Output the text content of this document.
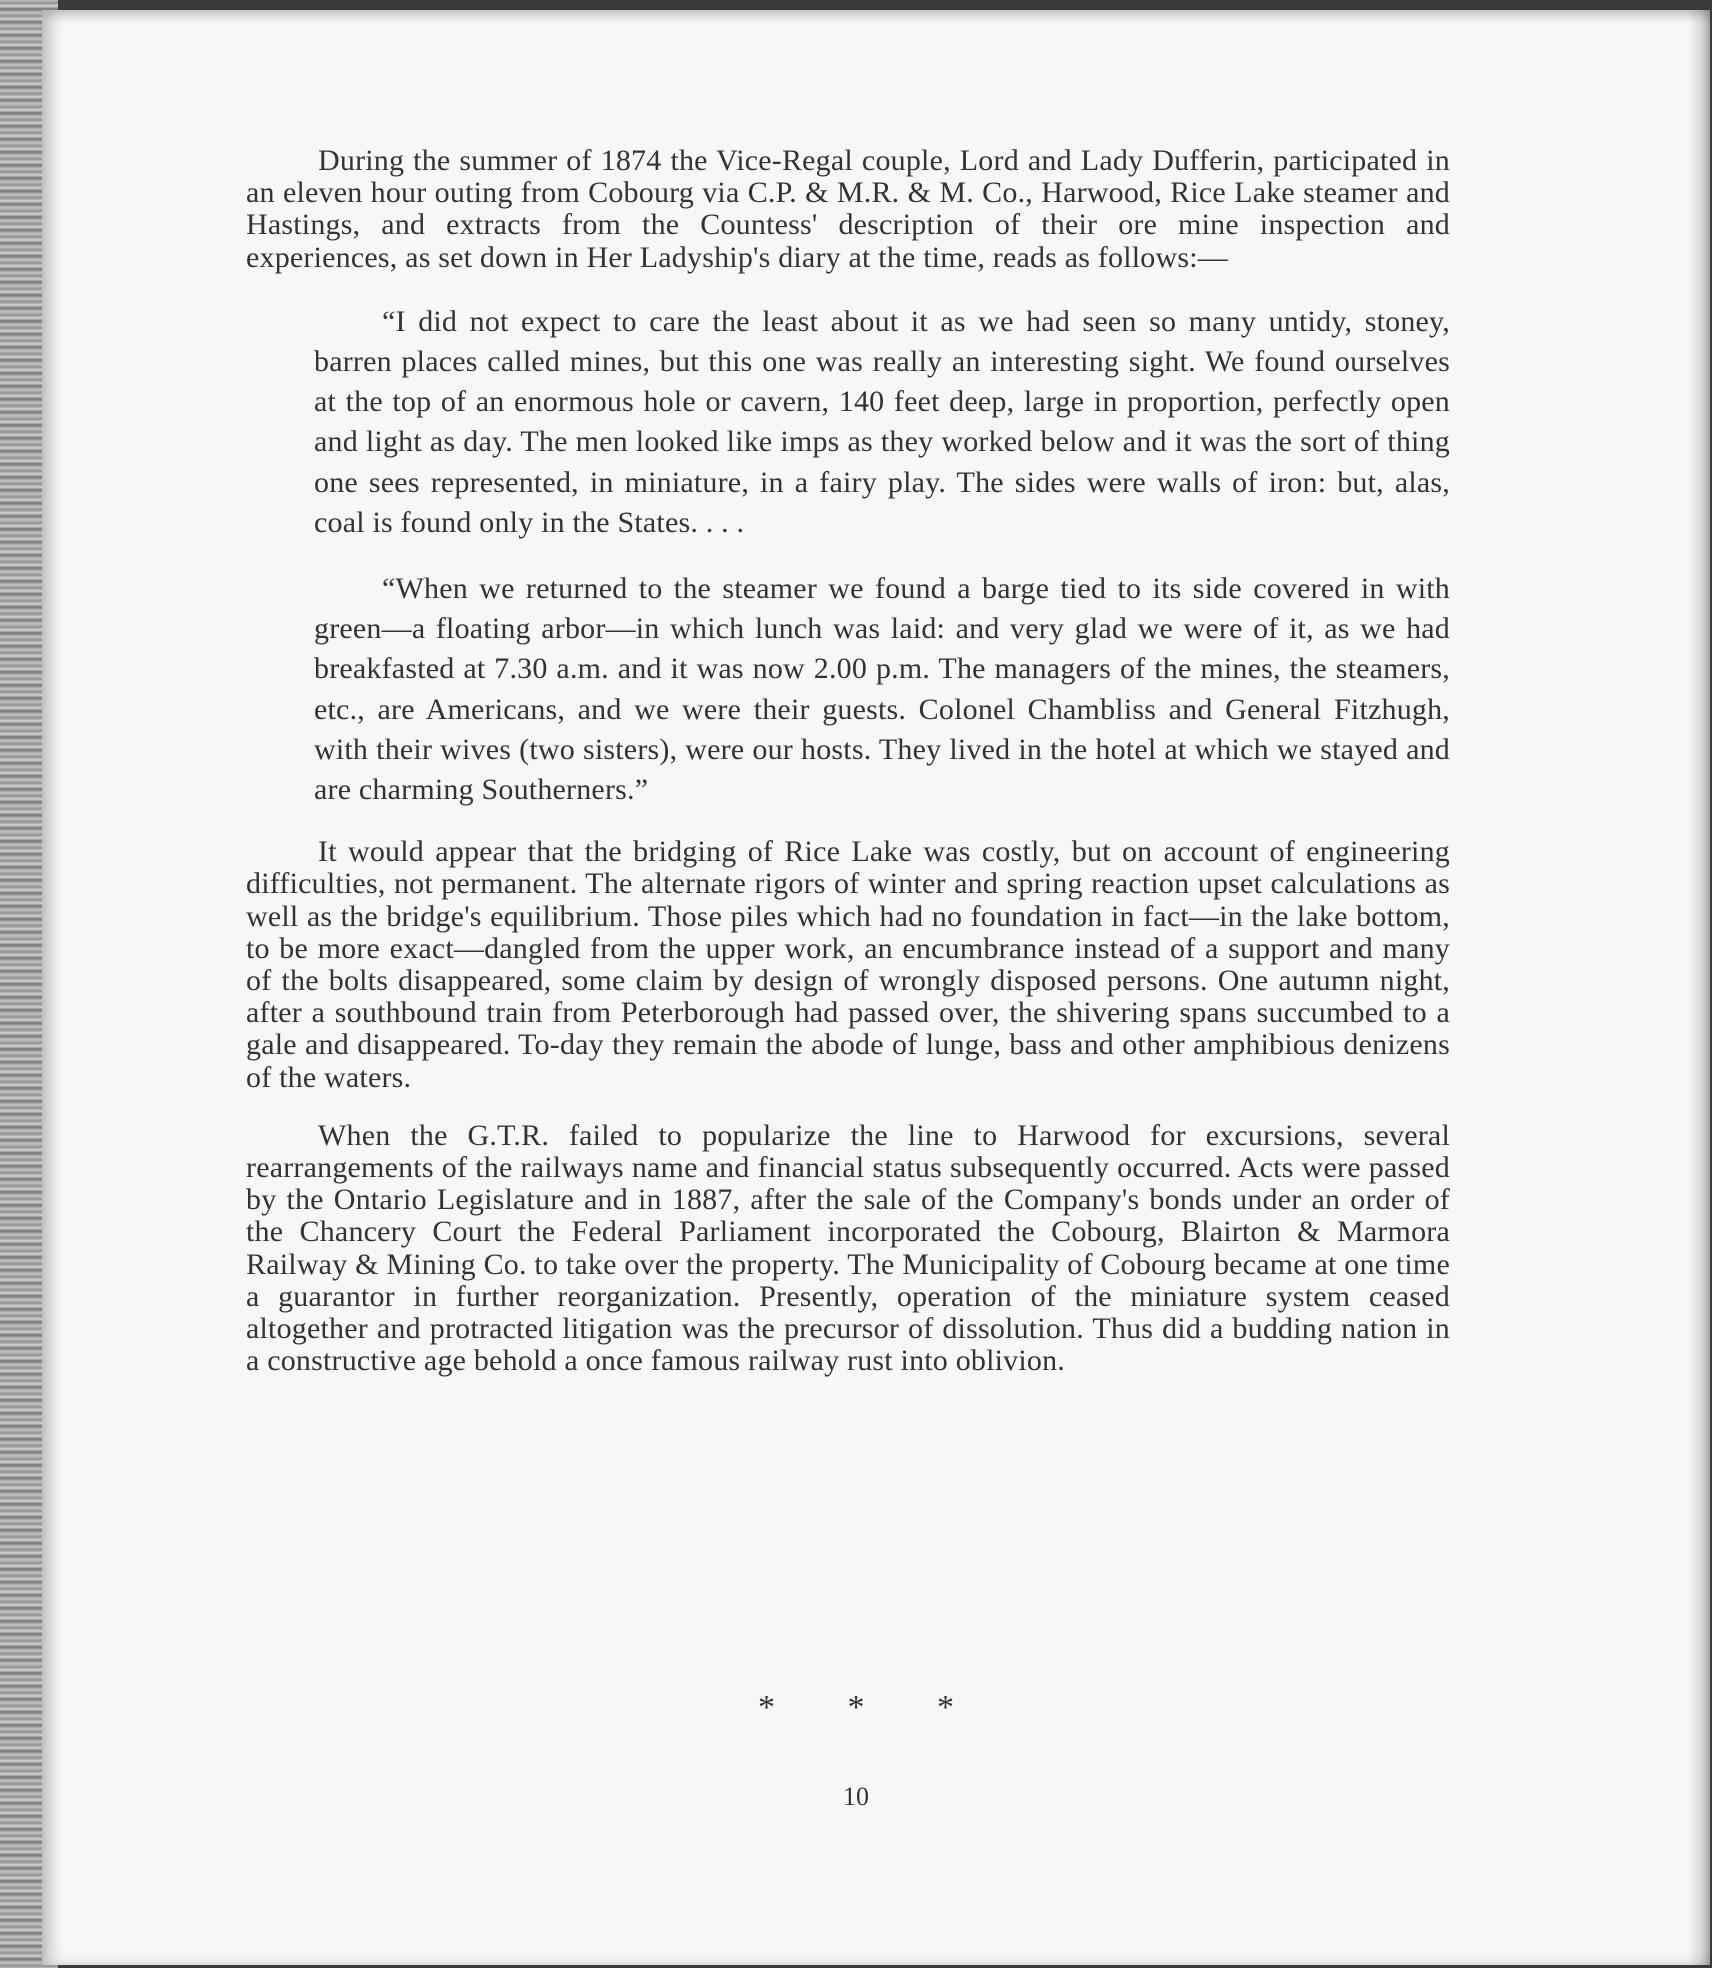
During the summer of 1874 the Vice-Regal couple, Lord and Lady Dufferin, participated in an eleven hour outing from Cobourg via C.P. & M.R. & M. Co., Harwood, Rice Lake steamer and Hastings, and extracts from the Countess' description of their ore mine inspection and experiences, as set down in Her Ladyship's diary at the time, reads as follows:—

“I did not expect to care the least about it as we had seen so many untidy, stoney, barren places called mines, but this one was really an interesting sight. We found ourselves at the top of an enormous hole or cavern, 140 feet deep, large in proportion, perfectly open and light as day. The men looked like imps as they worked below and it was the sort of thing one sees represented, in miniature, in a fairy play. The sides were walls of iron: but, alas, coal is found only in the States. . . .

“When we returned to the steamer we found a barge tied to its side covered in with green—a floating arbor—in which lunch was laid: and very glad we were of it, as we had breakfasted at 7.30 a.m. and it was now 2.00 p.m. The managers of the mines, the steamers, etc., are Americans, and we were their guests. Colonel Chambliss and General Fitzhugh, with their wives (two sisters), were our hosts. They lived in the hotel at which we stayed and are charming Southerners.”

It would appear that the bridging of Rice Lake was costly, but on account of engineering difficulties, not permanent. The alternate rigors of winter and spring reaction upset calculations as well as the bridge's equilibrium. Those piles which had no foundation in fact—in the lake bottom, to be more exact—dangled from the upper work, an encumbrance instead of a support and many of the bolts disappeared, some claim by design of wrongly disposed persons. One autumn night, after a southbound train from Peterborough had passed over, the shivering spans succumbed to a gale and disappeared. To-day they remain the abode of lunge, bass and other amphibious denizens of the waters.

When the G.T.R. failed to popularize the line to Harwood for excursions, several rearrangements of the railways name and financial status subsequently occurred. Acts were passed by the Ontario Legislature and in 1887, after the sale of the Company's bonds under an order of the Chancery Court the Federal Parliament incorporated the Cobourg, Blairton & Marmora Railway & Mining Co. to take over the property. The Municipality of Cobourg became at one time a guarantor in further reorganization. Presently, operation of the miniature system ceased altogether and protracted litigation was the precursor of dissolution. Thus did a budding nation in a constructive age behold a once famous railway rust into oblivion.

* * *
10
